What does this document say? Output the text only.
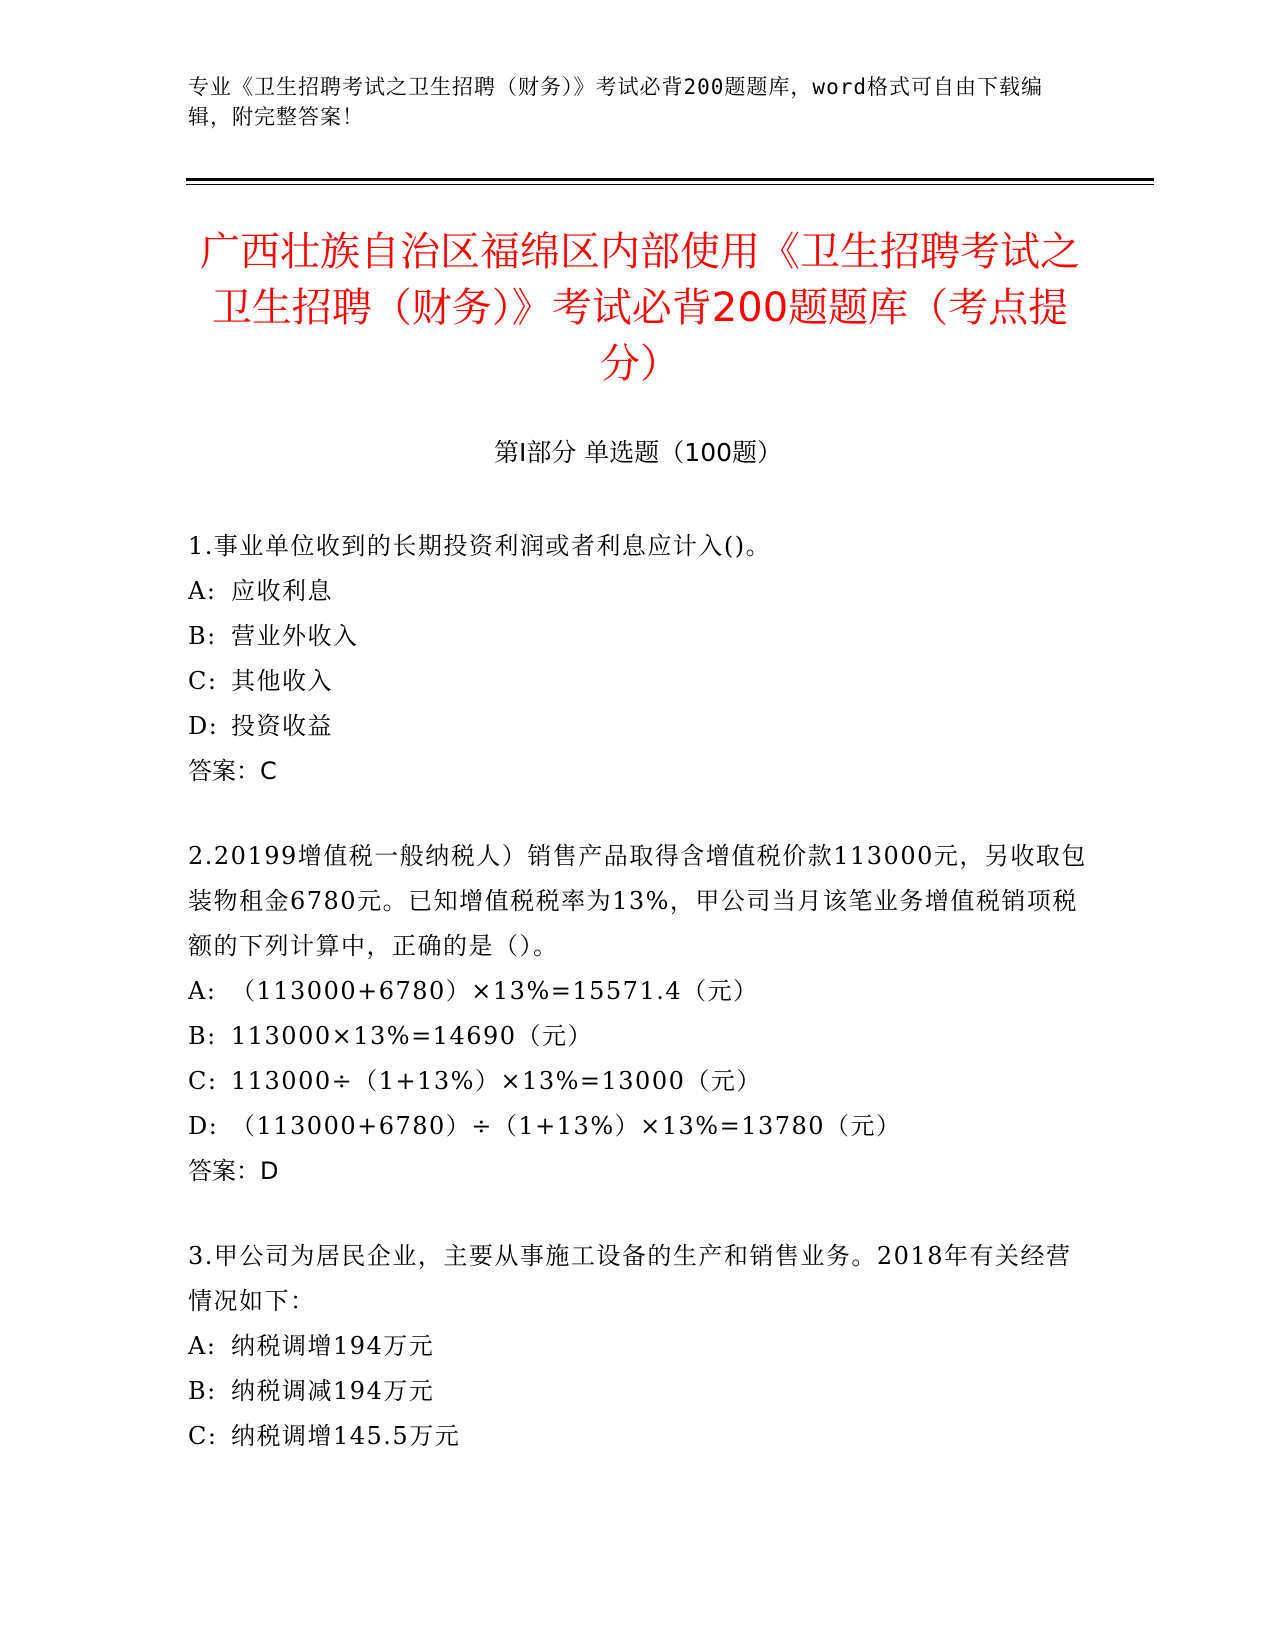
专业《卫生招聘考试之卫生招聘（财务）》考试必背200题题库，word格式可自由下载编辑，附完整答案！
广西壮族自治区福绵区内部使用《卫生招聘考试之卫生招聘（财务）》考试必背200题题库（考点提分）
第Ⅰ部分 单选题（100题）

1.事业单位收到的长期投资利润或者利息应计入()。

A: 应收利息

B: 营业外收入

C: 其他收入

D: 投资收益

答案：C

2.20199增值税一般纳税人）销售产品取得含增值税价款113000元，另收取包装物租金6780元。已知增值税税率为13%，甲公司当月该笔业务增值税销项税额的下列计算中，正确的是（）。

A: （113000+6780）×13%=15571.4（元）

B: 113000×13%=14690（元）

C: 113000÷（1+13%）×13%=13000（元）

D: （113000+6780）÷（1+13%）×13%=13780（元）

答案：D

3.甲公司为居民企业，主要从事施工设备的生产和销售业务。2018年有关经营情况如下：

A: 纳税调增194万元

B: 纳税调减194万元

C: 纳税调增145.5万元
